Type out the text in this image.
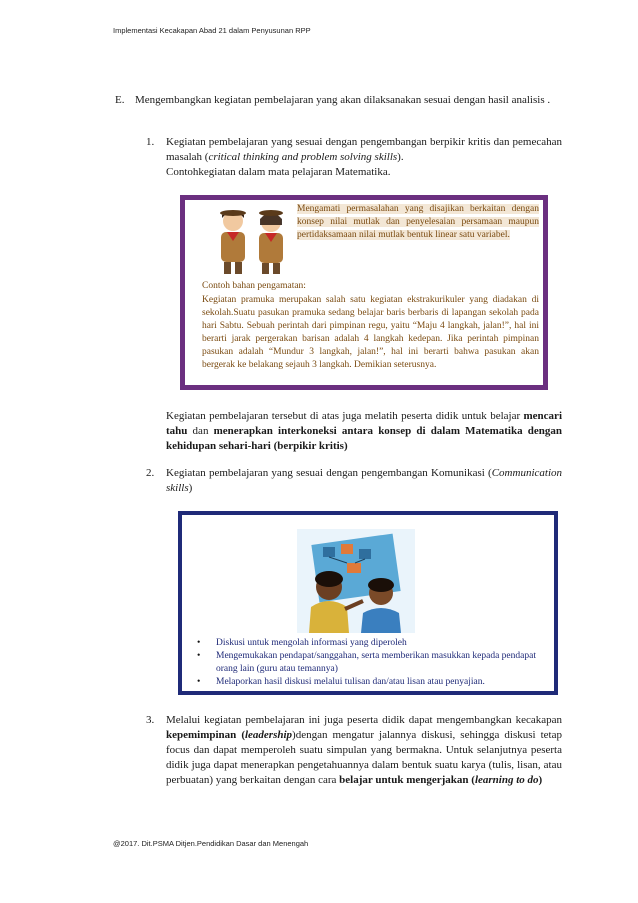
Implementasi Kecakapan Abad 21 dalam Penyusunan RPP
E. Mengembangkan kegiatan pembelajaran yang akan dilaksanakan sesuai dengan hasil analisis .
1. Kegiatan pembelajaran yang sesuai dengan pengembangan berpikir kritis dan pemecahan masalah (critical thinking and problem solving skills).

Contohkegiatan dalam mata pelajaran Matematika.

Mengamati permasalahan yang disajikan berkaitan dengan konsep nilai mutlak dan penyelesaian persamaan maupun pertidaksamaan nilai mutlak bentuk linear satu variabel.
Contoh bahan pengamatan:
Kegiatan pramuka merupakan salah satu kegiatan ekstrakurikuler yang diadakan di sekolah.Suatu pasukan pramuka sedang belajar baris berbaris di lapangan sekolah pada hari Sabtu. Sebuah perintah dari pimpinan regu, yaitu “Maju 4 langkah, jalan!”, hal ini berarti jarak pergerakan barisan adalah 4 langkah kedepan. Jika perintah pimpinan pasukan adalah “Mundur 3 langkah, jalan!”, hal ini berarti bahwa pasukan akan bergerak ke belakang sejauh 3 langkah. Demikian seterusnya.

Kegiatan pembelajaran tersebut di atas juga melatih peserta didik untuk belajar mencari tahu dan menerapkan interkoneksi antara konsep di dalam Matematika dengan kehidupan sehari-hari (berpikir kritis)

2. Kegiatan pembelajaran yang sesuai dengan pengembangan Komunikasi (Communication skills)

•
Diskusi untuk mengolah informasi yang diperoleh
•
Mengemukakan pendapat/sanggahan, serta memberikan masukkan kepada pendapat orang lain (guru atau temannya)
•
Melaporkan hasil diskusi melalui tulisan dan/atau lisan atau penyajian.
3. Melalui kegiatan pembelajaran ini juga peserta didik dapat mengembangkan kecakapan kepemimpinan (leadership)dengan mengatur jalannya diskusi, sehingga diskusi tetap focus dan dapat memperoleh suatu simpulan yang bermakna. Untuk selanjutnya peserta didik juga dapat menerapkan pengetahuannya dalam bentuk suatu karya (tulis, lisan, atau perbuatan) yang berkaitan dengan cara belajar untuk mengerjakan (learning to do)

@2017. Dit.PSMA Ditjen.Pendidikan Dasar dan Menengah
